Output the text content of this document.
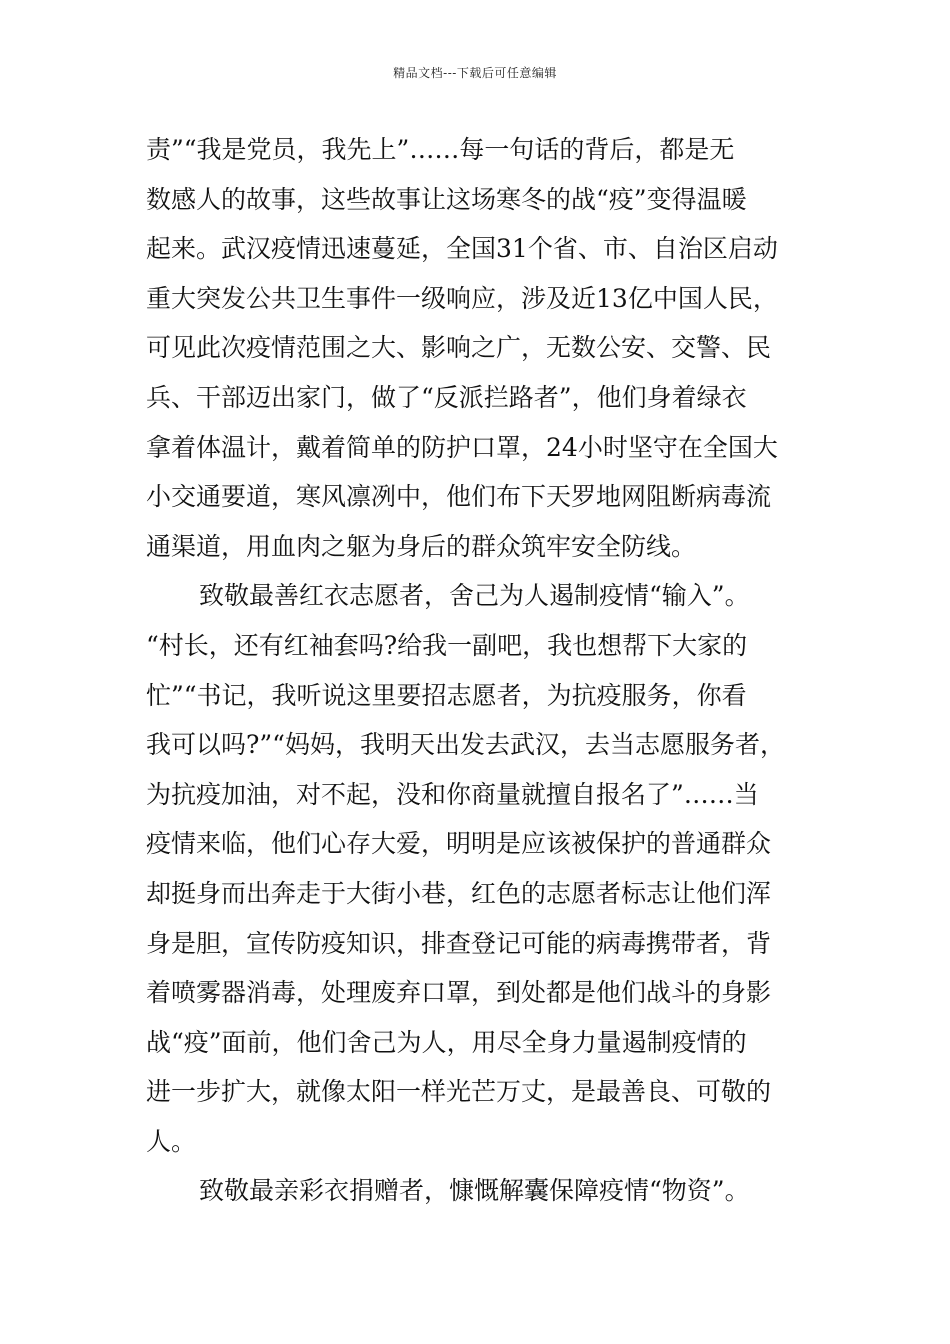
精品文档---下载后可任意编辑
责”“我是党员，我先上”……每一句话的背后，都是无
数感人的故事，这些故事让这场寒冬的战“疫”变得温暖
起来。武汉疫情迅速蔓延，全国31个省、市、自治区启动
重大突发公共卫生事件一级响应，涉及近13亿中国人民，
可见此次疫情范围之大、影响之广，无数公安、交警、民
兵、干部迈出家门，做了“反派拦路者”，他们身着绿衣
拿着体温计，戴着简单的防护口罩，24小时坚守在全国大
小交通要道，寒风凛冽中，他们布下天罗地网阻断病毒流
通渠道，用血肉之躯为身后的群众筑牢安全防线。
致敬最善红衣志愿者，舍己为人遏制疫情“输入”。
“村长，还有红袖套吗?给我一副吧，我也想帮下大家的
忙”“书记，我听说这里要招志愿者，为抗疫服务，你看
我可以吗?”“妈妈，我明天出发去武汉，去当志愿服务者，
为抗疫加油，对不起，没和你商量就擅自报名了”……当
疫情来临，他们心存大爱，明明是应该被保护的普通群众
却挺身而出奔走于大街小巷，红色的志愿者标志让他们浑
身是胆，宣传防疫知识，排查登记可能的病毒携带者，背
着喷雾器消毒，处理废弃口罩，到处都是他们战斗的身影
战“疫”面前，他们舍己为人，用尽全身力量遏制疫情的
进一步扩大，就像太阳一样光芒万丈，是最善良、可敬的
人。
致敬最亲彩衣捐赠者，慷慨解囊保障疫情“物资”。
